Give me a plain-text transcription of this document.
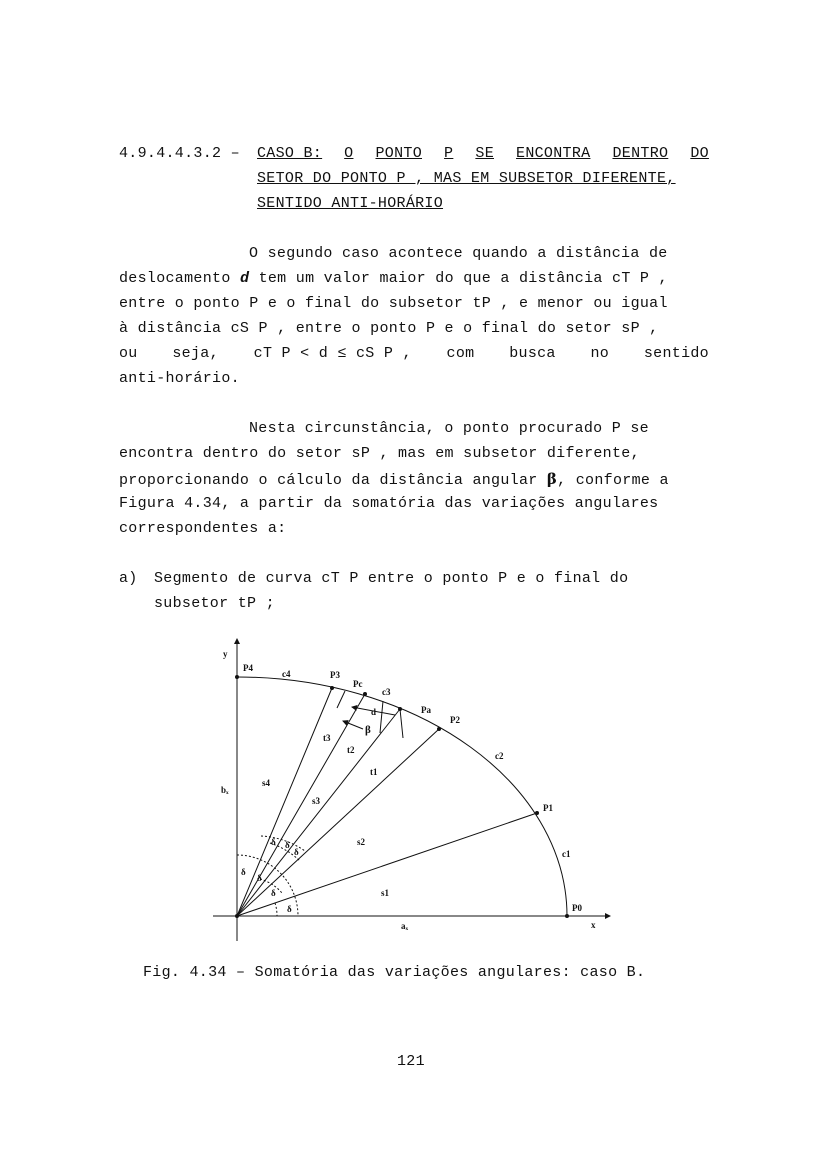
4.9.4.4.3.2 – CASO B: O PONTO P SE ENCONTRA DENTRO DO
SETOR DO PONTO P , MAS EM SUBSETOR DIFERENTE,
SENTIDO ANTI-HORÁRIO
O segundo caso acontece quando a distância de
deslocamento d tem um valor maior do que a distância cT P ,
entre o ponto P e o final do subsetor tP , e menor ou igual
à distância cS P , entre o ponto P e o final do setor sP ,
ou seja, cT P < d ≤ cS P , com busca no sentido
anti-horário.
Nesta circunstância, o ponto procurado P se
encontra dentro do setor sP , mas em subsetor diferente,
proporcionando o cálculo da distância angular β, conforme a
Figura 4.34, a partir da somatória das variações angulares
correspondentes a:
a) Segmento de curva cT P entre o ponto P e o final do
subsetor tP ;
y
x
P4
c4	P3
Pc
c3
d	Pa
P2
β
t3
t2
c2
t1
s4
bₓ
s3
P1
s2
c1
δ δ
δ
δ
δ
δ	s1
δ	P0
aₓ
Fig. 4.34 – Somatória das variações angulares: caso B.
121
